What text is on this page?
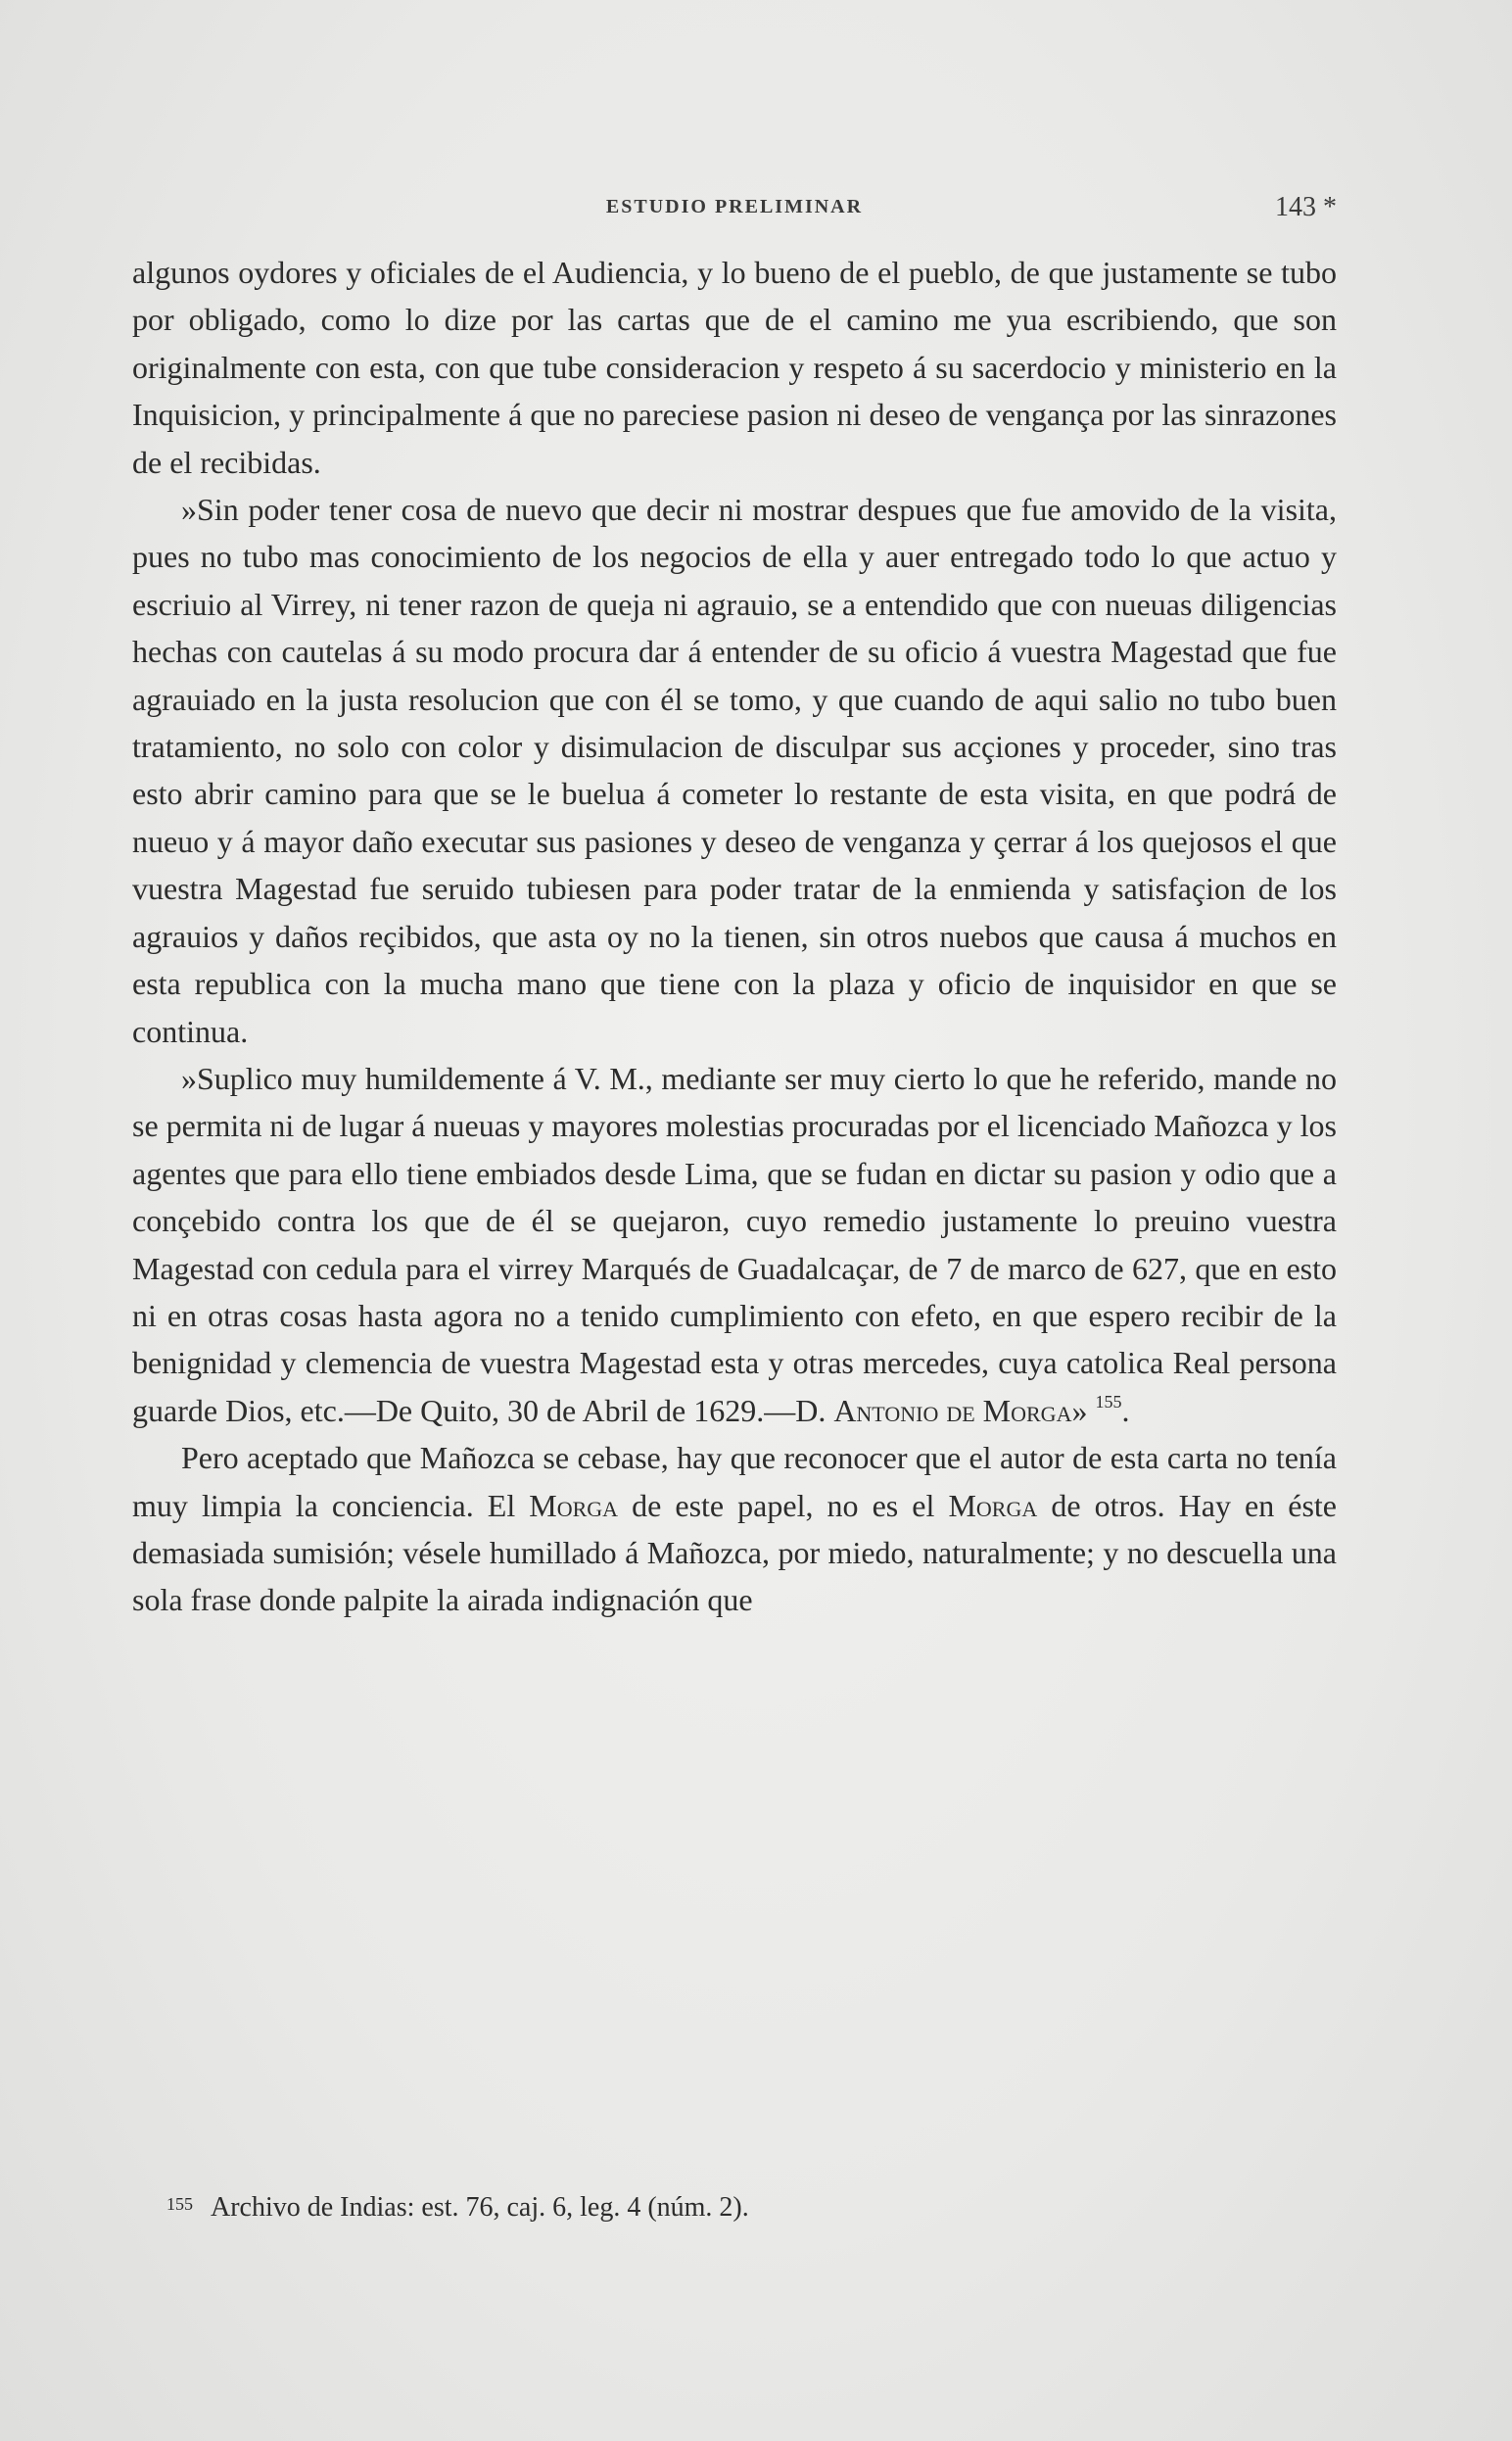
ESTUDIO PRELIMINAR	143 *

algunos oydores y oficiales de el Audiencia, y lo bueno de el pueblo, de que justamente se tubo por obligado, como lo dize por las cartas que de el camino me yua escribiendo, que son originalmente con esta, con que tube consideracion y respeto á su sacerdocio y ministerio en la Inquisicion, y principalmente á que no pareciese pasion ni deseo de vengança por las sinrazones de el recibidas.

»Sin poder tener cosa de nuevo que decir ni mostrar despues que fue amovido de la visita, pues no tubo mas conocimiento de los negocios de ella y auer entregado todo lo que actuo y escriuio al Virrey, ni tener razon de queja ni agrauio, se a entendido que con nueuas diligencias hechas con cautelas á su modo procura dar á entender de su oficio á vuestra Magestad que fue agrauiado en la justa resolucion que con él se tomo, y que cuando de aqui salio no tubo buen tratamiento, no solo con color y disimulacion de disculpar sus acçiones y proceder, sino tras esto abrir camino para que se le buelua á cometer lo restante de esta visita, en que podrá de nueuo y á mayor daño executar sus pasiones y deseo de venganza y çerrar á los quejosos el que vuestra Magestad fue seruido tubiesen para poder tratar de la enmienda y satisfaçion de los agrauios y daños reçibidos, que asta oy no la tienen, sin otros nuebos que causa á muchos en esta republica con la mucha mano que tiene con la plaza y oficio de inquisidor en que se continua.

»Suplico muy humildemente á V. M., mediante ser muy cierto lo que he referido, mande no se permita ni de lugar á nueuas y mayores molestias procuradas por el licenciado Mañozca y los agentes que para ello tiene embiados desde Lima, que se fudan en dictar su pasion y odio que a conçebido contra los que de él se quejaron, cuyo remedio justamente lo preuino vuestra Magestad con cedula para el virrey Marqués de Guadalcaçar, de 7 de marco de 627, que en esto ni en otras cosas hasta agora no a tenido cumplimiento con efeto, en que espero recibir de la benignidad y clemencia de vuestra Magestad esta y otras mercedes, cuya catolica Real persona guarde Dios, etc.—De Quito, 30 de Abril de 1629.—D. Antonio de Morga» $^{155}$.

Pero aceptado que Mañozca se cebase, hay que reconocer que el autor de esta carta no tenía muy limpia la conciencia. El Morga de este papel, no es el Morga de otros. Hay en éste demasiada sumisión; vésele humillado á Mañozca, por miedo, naturalmente; y no descuella una sola frase donde palpite la airada indignación que

$^{155}$ Archivo de Indias: est. 76, caj. 6, leg. 4 (núm. 2).
